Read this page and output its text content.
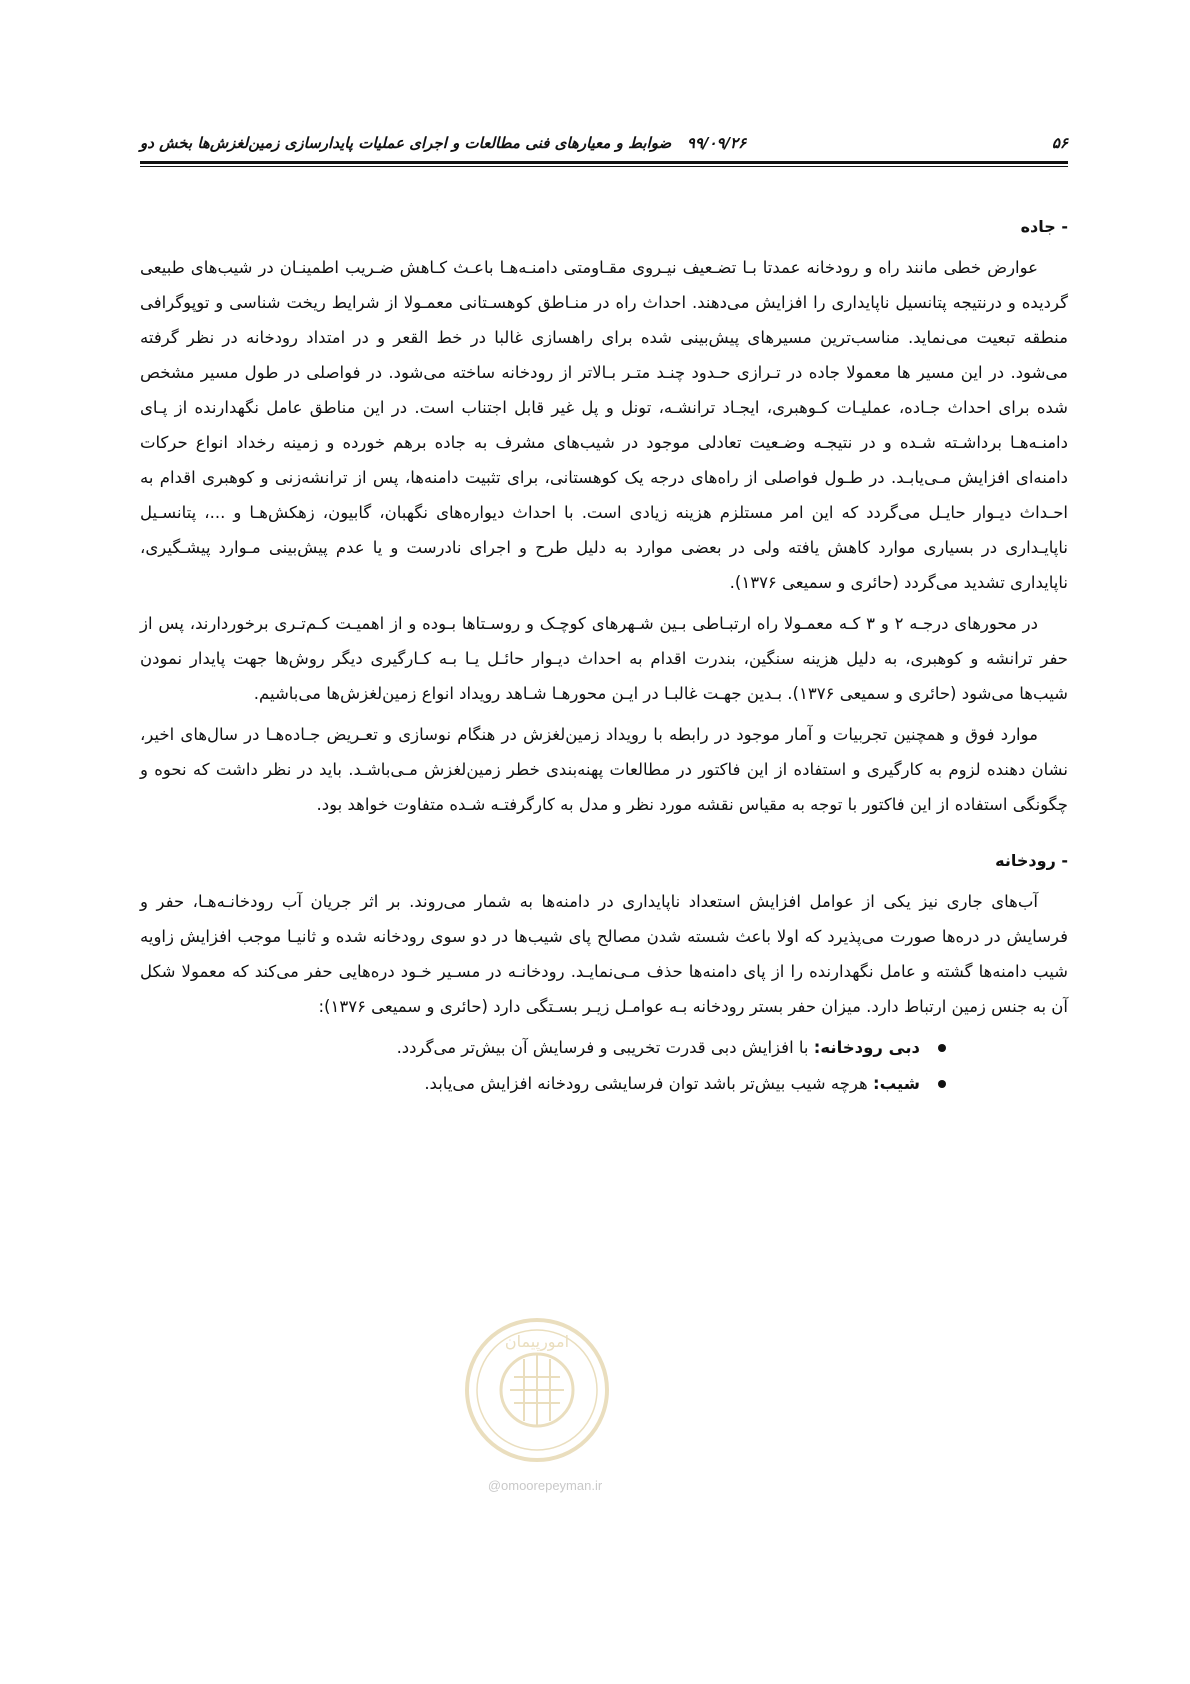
۵۶
۹۹/۰۹/۲۶   ضوابط و معیارهای فنی مطالعات و اجرای عملیات پایدارسازی زمین‌لغزش‌ها بخش دو

- جاده

عوارض خطی مانند راه و رودخانه عمدتا بـا تضـعیف نیـروی مقـاومتی دامنـه‌هـا باعـث کـاهش ضـریب اطمینـان در شیب‌های طبیعی گردیده و درنتیجه پتانسیل ناپایداری را افزایش می‌دهند. احداث راه در منـاطق کوهسـتانی معمـولا از شرایط ریخت شناسی و توپوگرافی منطقه تبعیت می‌نماید. مناسب‌ترین مسیرهای پیش‌بینی شده برای راهسازی غالبا در خط القعر و در امتداد رودخانه در نظر گرفته می‌شود. در این مسیر ها معمولا جاده در تـرازی حـدود چنـد متـر بـالاتر از رودخانه ساخته می‌شود. در فواصلی در طول مسیر مشخص شده برای احداث جـاده، عملیـات کـوهبری، ایجـاد ترانشـه، تونل و پل غیر قابل اجتناب است. در این مناطق عامل نگهدارنده از پـای دامنـه‌هـا برداشـته شـده و در نتیجـه وضـعیت تعادلی موجود در شیب‌های مشرف به جاده برهم خورده و زمینه رخداد انواع حرکات دامنه‌ای افزایش مـی‌یابـد. در طـول فواصلی از راه‌های درجه یک کوهستانی، برای تثبیت دامنه‌ها، پس از ترانشه‌زنی و کوهبری اقدام به احـداث دیـوار حایـل می‌گردد که این امر مستلزم هزینه زیادی است. با احداث دیواره‌های نگهبان، گابیون، زهکش‌هـا و ...، پتانسـیل ناپایـداری در بسیاری موارد کاهش یافته ولی در بعضی موارد به دلیل طرح و اجرای نادرست و یا عدم پیش‌بینی مـوارد پیشـگیری، ناپایداری تشدید می‌گردد (حائری و سمیعی ۱۳۷۶).

در محورهای درجـه ۲ و ۳ کـه معمـولا راه ارتبـاطی بـین شـهرهای کوچـک و روسـتاها بـوده و از اهمیـت کـم‌تـری برخوردارند، پس از حفر ترانشه و کوهبری، به دلیل هزینه سنگین، بندرت اقدام به احداث دیـوار حائـل یـا بـه کـارگیری دیگر روش‌ها جهت پایدار نمودن شیب‌ها می‌شود (حائری و سمیعی ۱۳۷۶). بـدین جهـت غالبـا در ایـن محورهـا شـاهد رویداد انواع زمین‌لغزش‌ها می‌باشیم.

موارد فوق و همچنین تجربیات و آمار موجود در رابطه با رویداد زمین‌لغزش در هنگام نوسازی و تعـریض جـاده‌هـا در سال‌های اخیر، نشان دهنده لزوم به کارگیری و استفاده از این فاکتور در مطالعات پهنه‌بندی خطر زمین‌لغزش مـی‌باشـد. باید در نظر داشت که نحوه و چگونگی استفاده از این فاکتور با توجه به مقیاس نقشه مورد نظر و مدل به کارگرفتـه شـده متفاوت خواهد بود.

- رودخانه

آب‌های جاری نیز یکی از عوامل افزایش استعداد ناپایداری در دامنه‌ها به شمار می‌روند. بر اثر جریان آب رودخانـه‌هـا، حفر و فرسایش در دره‌ها صورت می‌پذیرد که اولا باعث شسته شدن مصالح پای شیب‌ها در دو سوی رودخانه شده و ثانیـا موجب افزایش زاویه شیب دامنه‌ها گشته و عامل نگهدارنده را از پای دامنه‌ها حذف مـی‌نمایـد. رودخانـه در مسـیر خـود دره‌هایی حفر می‌کند که معمولا شکل آن به جنس زمین ارتباط دارد. میزان حفر بستر رودخانه بـه عوامـل زیـر بسـتگی دارد (حائری و سمیعی ۱۳۷۶):

دبی رودخانه: با افزایش دبی قدرت تخریبی و فرسایش آن بیش‌تر می‌گردد.
شیب: هرچه شیب بیش‌تر باشد توان فرسایشی رودخانه افزایش می‌یابد.
امورپیمان
@omoorepeyman.ir
